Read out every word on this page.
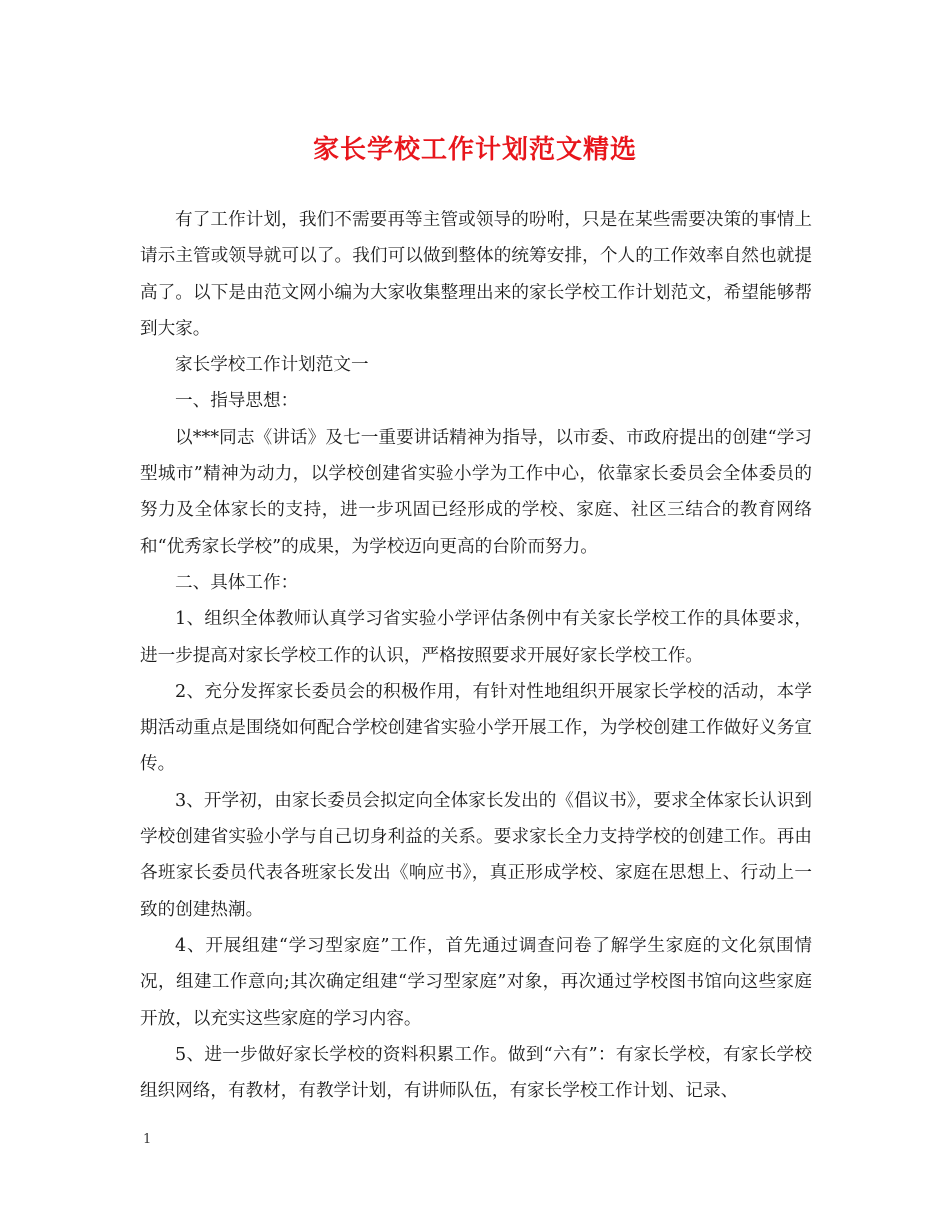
家长学校工作计划范文精选

有了工作计划，我们不需要再等主管或领导的吩咐，只是在某些需要决策的事情上请示主管或领导就可以了。我们可以做到整体的统筹安排，个人的工作效率自然也就提高了。以下是由范文网小编为大家收集整理出来的家长学校工作计划范文，希望能够帮到大家。

家长学校工作计划范文一

一、指导思想：

以***同志《讲话》及七一重要讲话精神为指导，以市委、市政府提出的创建“学习型城市”精神为动力，以学校创建省实验小学为工作中心，依靠家长委员会全体委员的努力及全体家长的支持，进一步巩固已经形成的学校、家庭、社区三结合的教育网络和“优秀家长学校”的成果，为学校迈向更高的台阶而努力。

二、具体工作：

1、组织全体教师认真学习省实验小学评估条例中有关家长学校工作的具体要求，进一步提高对家长学校工作的认识，严格按照要求开展好家长学校工作。

2、充分发挥家长委员会的积极作用，有针对性地组织开展家长学校的活动，本学期活动重点是围绕如何配合学校创建省实验小学开展工作，为学校创建工作做好义务宣传。

3、开学初，由家长委员会拟定向全体家长发出的《倡议书》，要求全体家长认识到学校创建省实验小学与自己切身利益的关系。要求家长全力支持学校的创建工作。再由各班家长委员代表各班家长发出《响应书》，真正形成学校、家庭在思想上、行动上一致的创建热潮。

4、开展组建“学习型家庭”工作，首先通过调查问卷了解学生家庭的文化氛围情况，组建工作意向;其次确定组建“学习型家庭”对象，再次通过学校图书馆向这些家庭开放，以充实这些家庭的学习内容。

5、进一步做好家长学校的资料积累工作。做到“六有”：有家长学校，有家长学校组织网络，有教材，有教学计划，有讲师队伍，有家长学校工作计划、记录、

1
